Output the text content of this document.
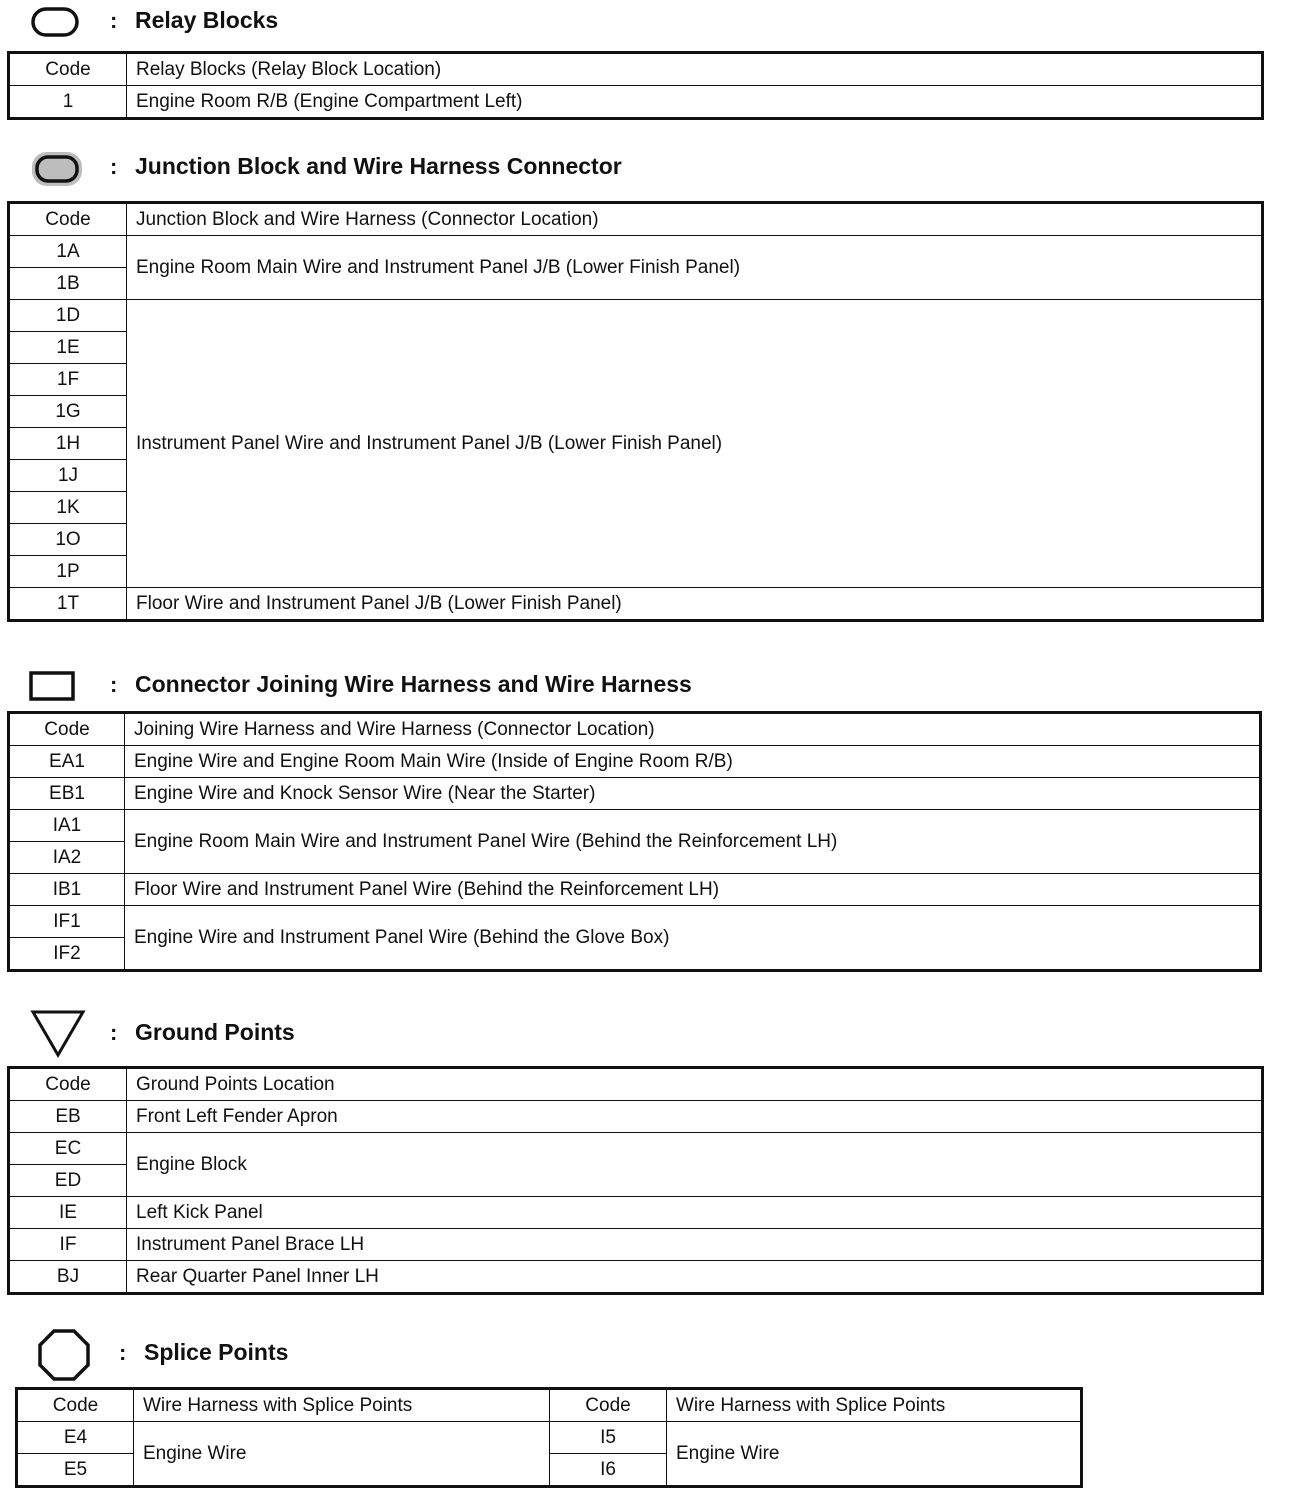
: Relay Blocks
Code	Relay Blocks (Relay Block Location)
1	Engine Room R/B (Engine Compartment Left)
: Junction Block and Wire Harness Connector
Code	Junction Block and Wire Harness (Connector Location)
1A	Engine Room Main Wire and Instrument Panel J/B (Lower Finish Panel)
1B	
1D	Instrument Panel Wire and Instrument Panel J/B (Lower Finish Panel)
1E	
1F	
1G	
1H	
1J	
1K	
1O	
1P	
1T	Floor Wire and Instrument Panel J/B (Lower Finish Panel)
: Connector Joining Wire Harness and Wire Harness
Code	Joining Wire Harness and Wire Harness (Connector Location)
EA1	Engine Wire and Engine Room Main Wire (Inside of Engine Room R/B)
EB1	Engine Wire and Knock Sensor Wire (Near the Starter)
IA1	Engine Room Main Wire and Instrument Panel Wire (Behind the Reinforcement LH)
IA2	
IB1	Floor Wire and Instrument Panel Wire (Behind the Reinforcement LH)
IF1	Engine Wire and Instrument Panel Wire (Behind the Glove Box)
IF2	
: Ground Points
Code	Ground Points Location
EB	Front Left Fender Apron
EC	Engine Block
ED	
IE	Left Kick Panel
IF	Instrument Panel Brace LH
BJ	Rear Quarter Panel Inner LH
: Splice Points
Code	Wire Harness with Splice Points	Code	Wire Harness with Splice Points
E4	Engine Wire	I5	Engine Wire
E5		I6	
